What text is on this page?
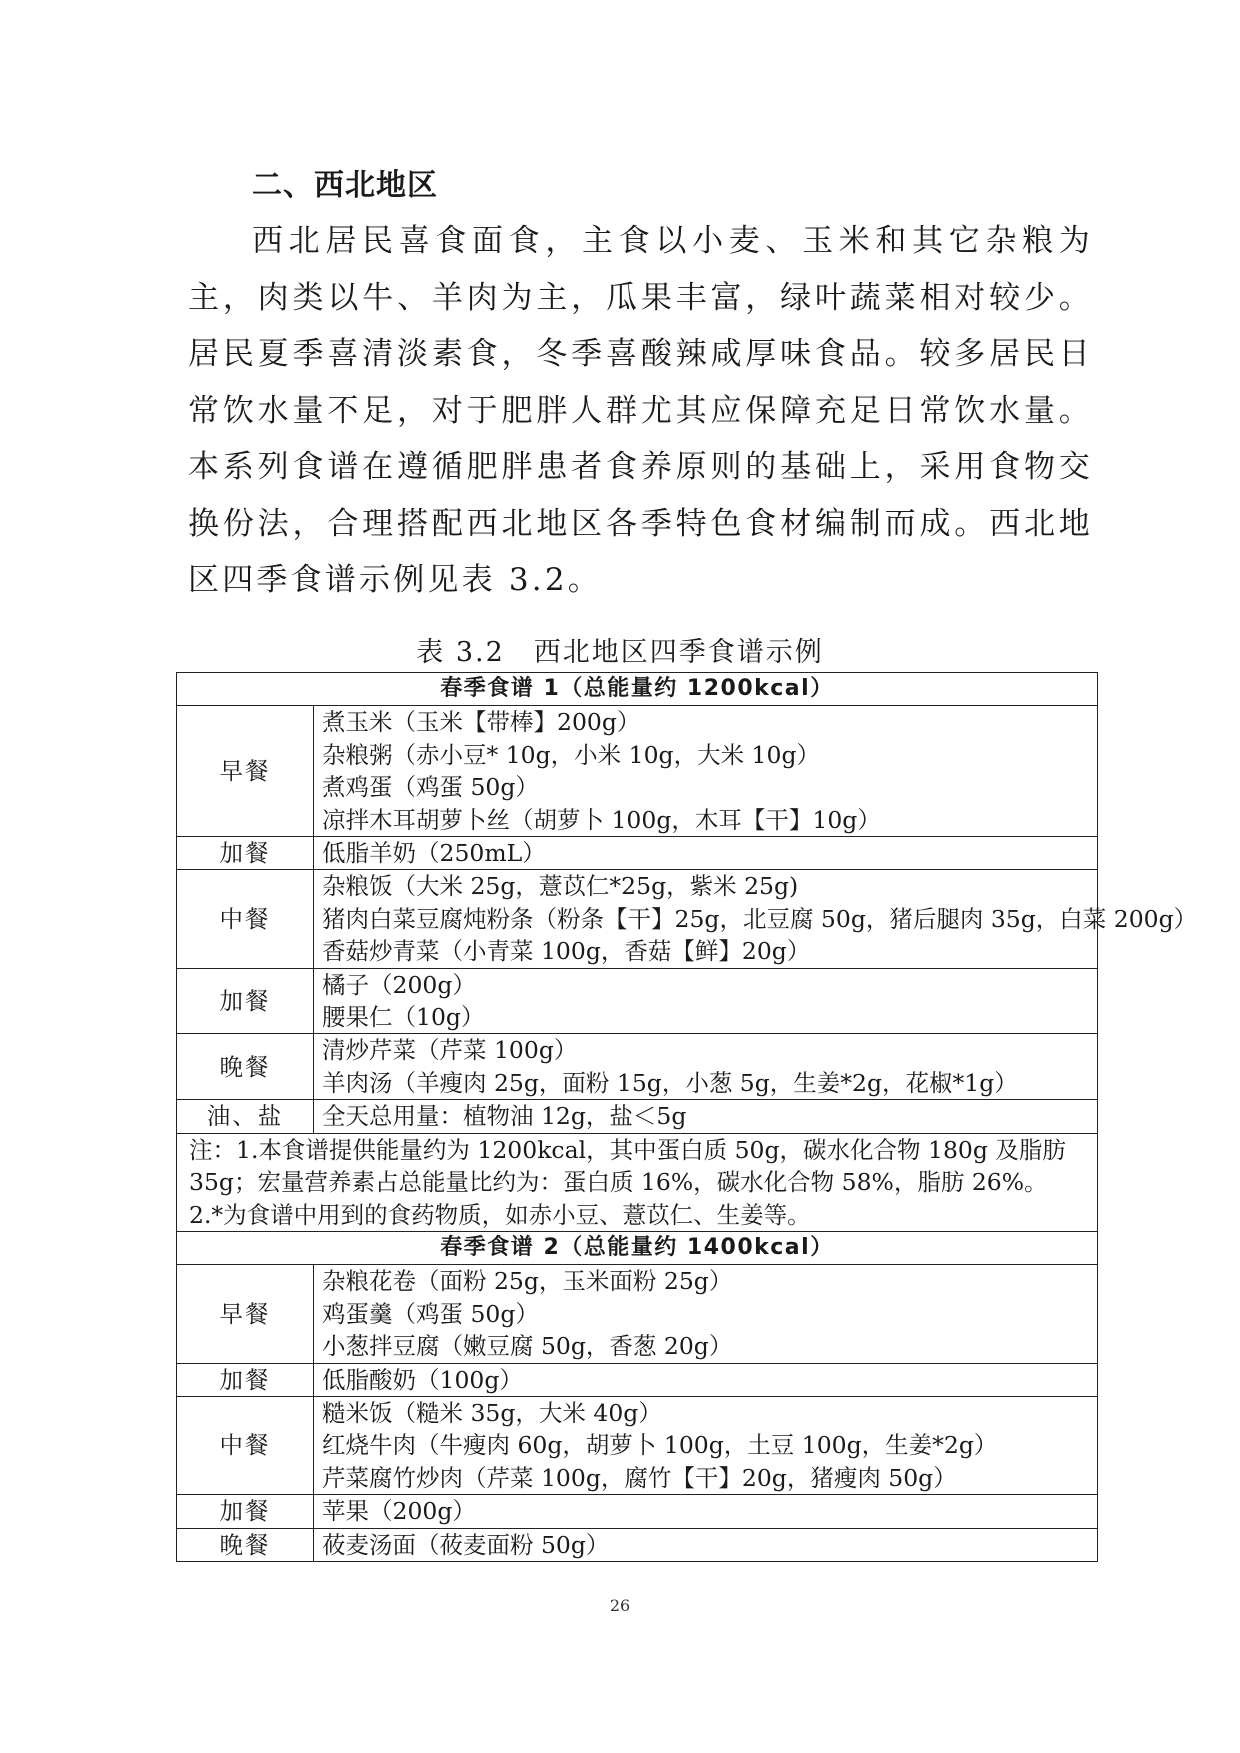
二、西北地区
西北居民喜食面食，主食以小麦、玉米和其它杂粮为主，肉类以牛、羊肉为主，瓜果丰富，绿叶蔬菜相对较少。居民夏季喜清淡素食，冬季喜酸辣咸厚味食品。较多居民日常饮水量不足，对于肥胖人群尤其应保障充足日常饮水量。本系列食谱在遵循肥胖患者食养原则的基础上，采用食物交换份法，合理搭配西北地区各季特色食材编制而成。西北地区四季食谱示例见表 3.2。
表 3.2　西北地区四季食谱示例
春季食谱 1（总能量约 1200kcal）	
早餐	煮玉米（玉米【带棒】200g）
杂粮粥（赤小豆* 10g，小米 10g，大米 10g）
煮鸡蛋（鸡蛋 50g）
凉拌木耳胡萝卜丝（胡萝卜 100g，木耳【干】10g）

加餐	低脂羊奶（250mL）

中餐	杂粮饭（大米 25g，薏苡仁*25g，紫米 25g)
猪肉白菜豆腐炖粉条（粉条【干】25g，北豆腐 50g，猪后腿肉 35g，白菜 200g）
香菇炒青菜（小青菜 100g，香菇【鲜】20g）

加餐	橘子（200g）
腰果仁（10g）

晚餐	清炒芹菜（芹菜 100g）
羊肉汤（羊瘦肉 25g，面粉 15g，小葱 5g，生姜*2g，花椒*1g）

油、盐	全天总用量：植物油 12g，盐＜5g

注：1.本食谱提供能量约为 1200kcal，其中蛋白质 50g，碳水化合物 180g 及脂肪 35g；宏量营养素占总能量比约为：蛋白质 16%，碳水化合物 58%，脂肪 26%。
2.*为食谱中用到的食药物质，如赤小豆、薏苡仁、生姜等。	

春季食谱 2（总能量约 1400kcal）	
早餐	杂粮花卷（面粉 25g，玉米面粉 25g）
鸡蛋羹（鸡蛋 50g）
小葱拌豆腐（嫩豆腐 50g，香葱 20g）

加餐	低脂酸奶（100g）

中餐	糙米饭（糙米 35g，大米 40g）
红烧牛肉（牛瘦肉 60g，胡萝卜 100g，土豆 100g，生姜*2g）
芹菜腐竹炒肉（芹菜 100g，腐竹【干】20g，猪瘦肉 50g）

加餐	苹果（200g）

晚餐	莜麦汤面（莜麦面粉 50g）
26
